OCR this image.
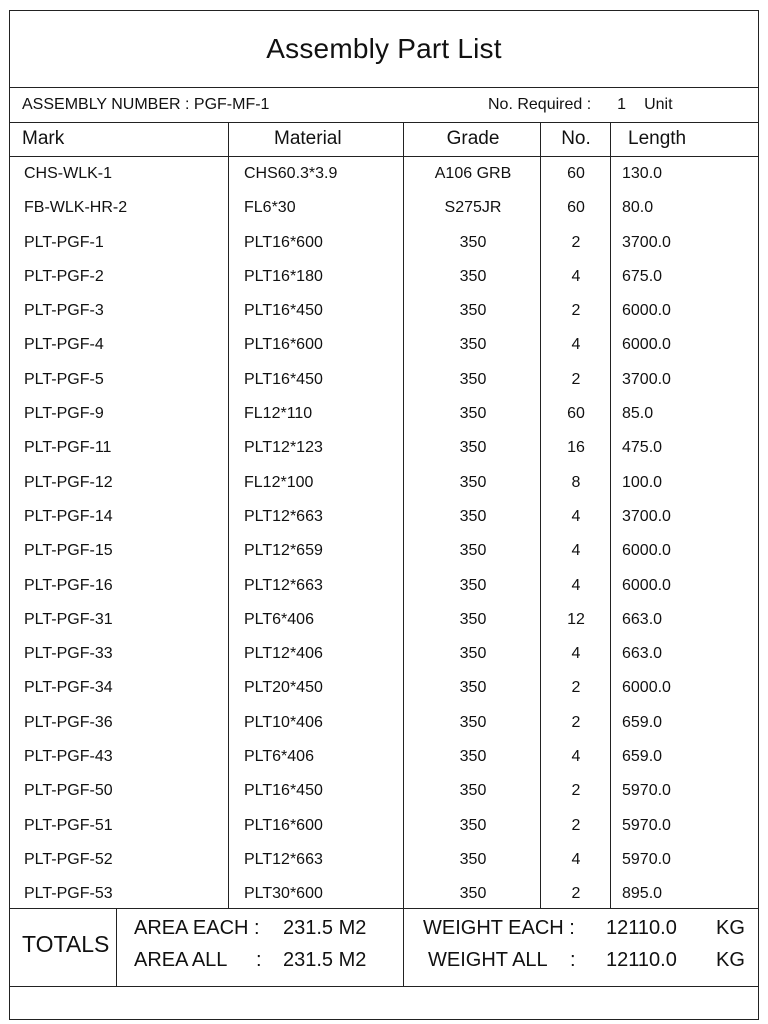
Assembly Part List
ASSEMBLY NUMBER : PGF-MF-1	No. Required : 1 Unit
Mark	Material	Grade	No.	Length
CHS-WLK-1	CHS60.3*3.9	A106 GRB	60	130.0
FB-WLK-HR-2	FL6*30	S275JR	60	80.0
PLT-PGF-1	PLT16*600	350	2	3700.0
PLT-PGF-2	PLT16*180	350	4	675.0
PLT-PGF-3	PLT16*450	350	2	6000.0
PLT-PGF-4	PLT16*600	350	4	6000.0
PLT-PGF-5	PLT16*450	350	2	3700.0
PLT-PGF-9	FL12*110	350	60	85.0
PLT-PGF-11	PLT12*123	350	16	475.0
PLT-PGF-12	FL12*100	350	8	100.0
PLT-PGF-14	PLT12*663	350	4	3700.0
PLT-PGF-15	PLT12*659	350	4	6000.0
PLT-PGF-16	PLT12*663	350	4	6000.0
PLT-PGF-31	PLT6*406	350	12	663.0
PLT-PGF-33	PLT12*406	350	4	663.0
PLT-PGF-34	PLT20*450	350	2	6000.0
PLT-PGF-36	PLT10*406	350	2	659.0
PLT-PGF-43	PLT6*406	350	4	659.0
PLT-PGF-50	PLT16*450	350	2	5970.0
PLT-PGF-51	PLT16*600	350	2	5970.0
PLT-PGF-52	PLT12*663	350	4	5970.0
PLT-PGF-53	PLT30*600	350	2	895.0
TOTALS
AREA EACH : 231.5 M2
AREA ALL : 231.5 M2
WEIGHT EACH : 12110.0 KG
WEIGHT ALL : 12110.0 KG
